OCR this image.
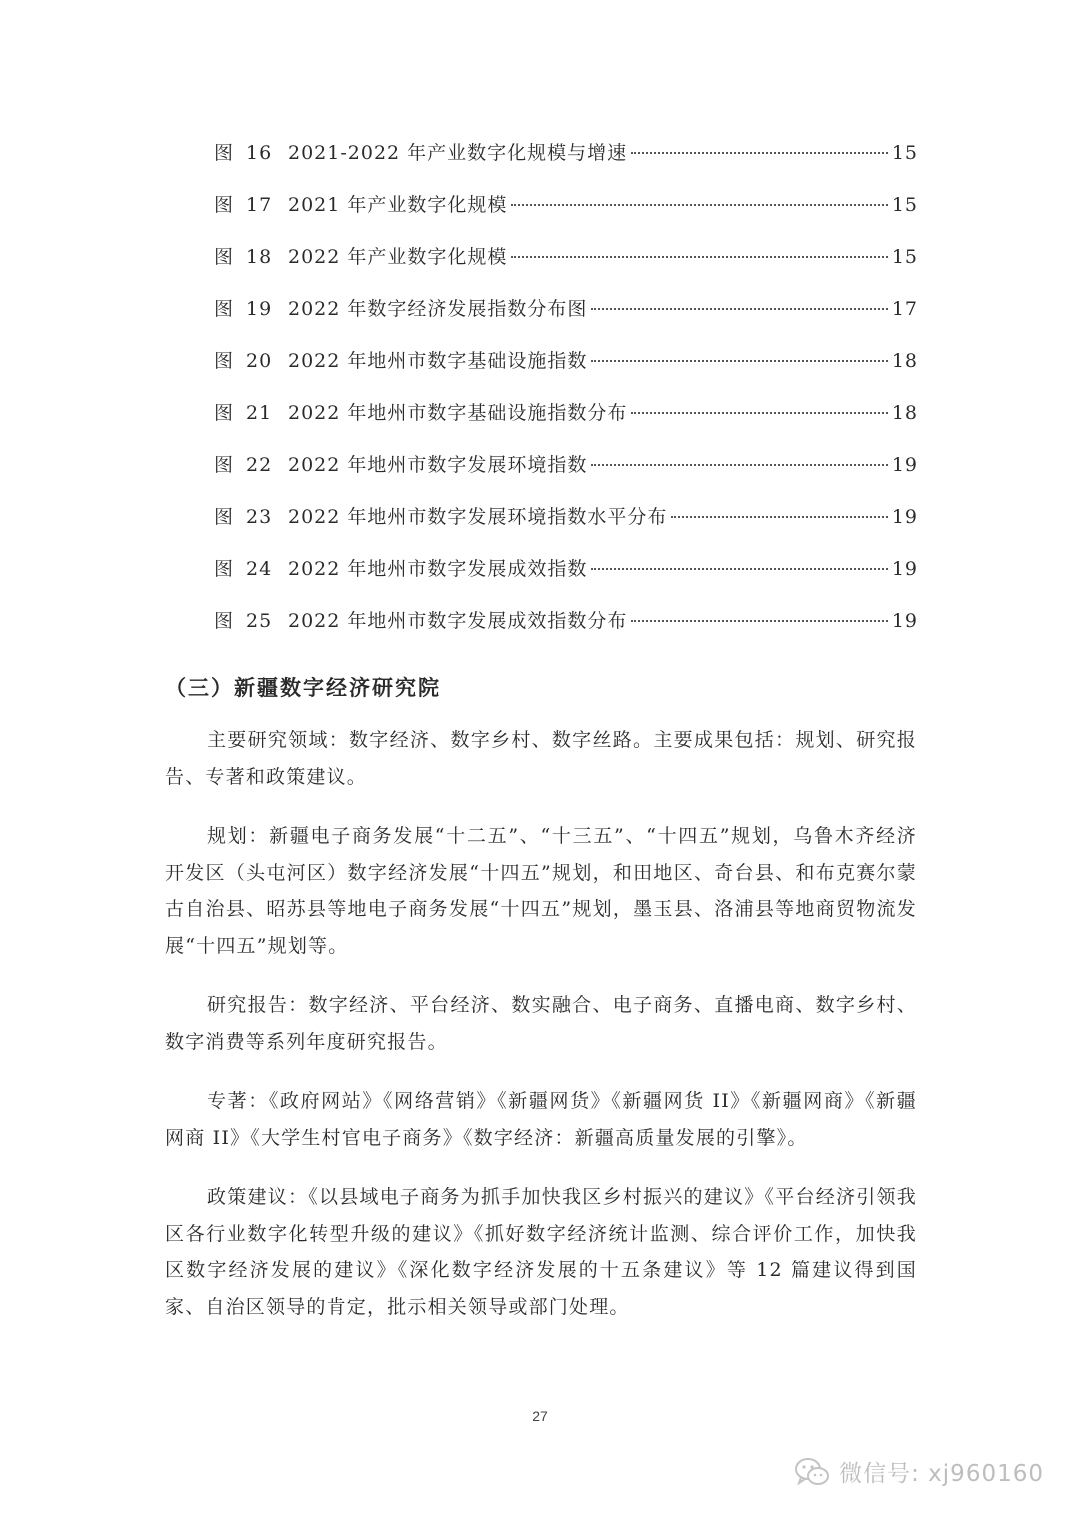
图 16 2021-2022 年产业数字化规模与增速	15
图 17 2021 年产业数字化规模	15
图 18 2022 年产业数字化规模	15
图 19 2022 年数字经济发展指数分布图	17
图 20 2022 年地州市数字基础设施指数	18
图 21 2022 年地州市数字基础设施指数分布	18
图 22 2022 年地州市数字发展环境指数	19
图 23 2022 年地州市数字发展环境指数水平分布	19
图 24 2022 年地州市数字发展成效指数	19
图 25 2022 年地州市数字发展成效指数分布	19
（三）新疆数字经济研究院

主要研究领域：数字经济、数字乡村、数字丝路。主要成果包括：规划、研究报告、专著和政策建议。

规划：新疆电子商务发展“十二五”、“十三五”、“十四五”规划，乌鲁木齐经济开发区（头屯河区）数字经济发展“十四五”规划，和田地区、奇台县、和布克赛尔蒙古自治县、昭苏县等地电子商务发展“十四五”规划，墨玉县、洛浦县等地商贸物流发展“十四五”规划等。

研究报告：数字经济、平台经济、数实融合、电子商务、直播电商、数字乡村、数字消费等系列年度研究报告。

专著：《政府网站》《网络营销》《新疆网货》《新疆网货 II》《新疆网商》《新疆网商 II》《大学生村官电子商务》《数字经济：新疆高质量发展的引擎》。

政策建议：《以县域电子商务为抓手加快我区乡村振兴的建议》《平台经济引领我区各行业数字化转型升级的建议》《抓好数字经济统计监测、综合评价工作，加快我区数字经济发展的建议》《深化数字经济发展的十五条建议》等 12 篇建议得到国家、自治区领导的肯定，批示相关领导或部门处理。

27
微信号: xj960160
